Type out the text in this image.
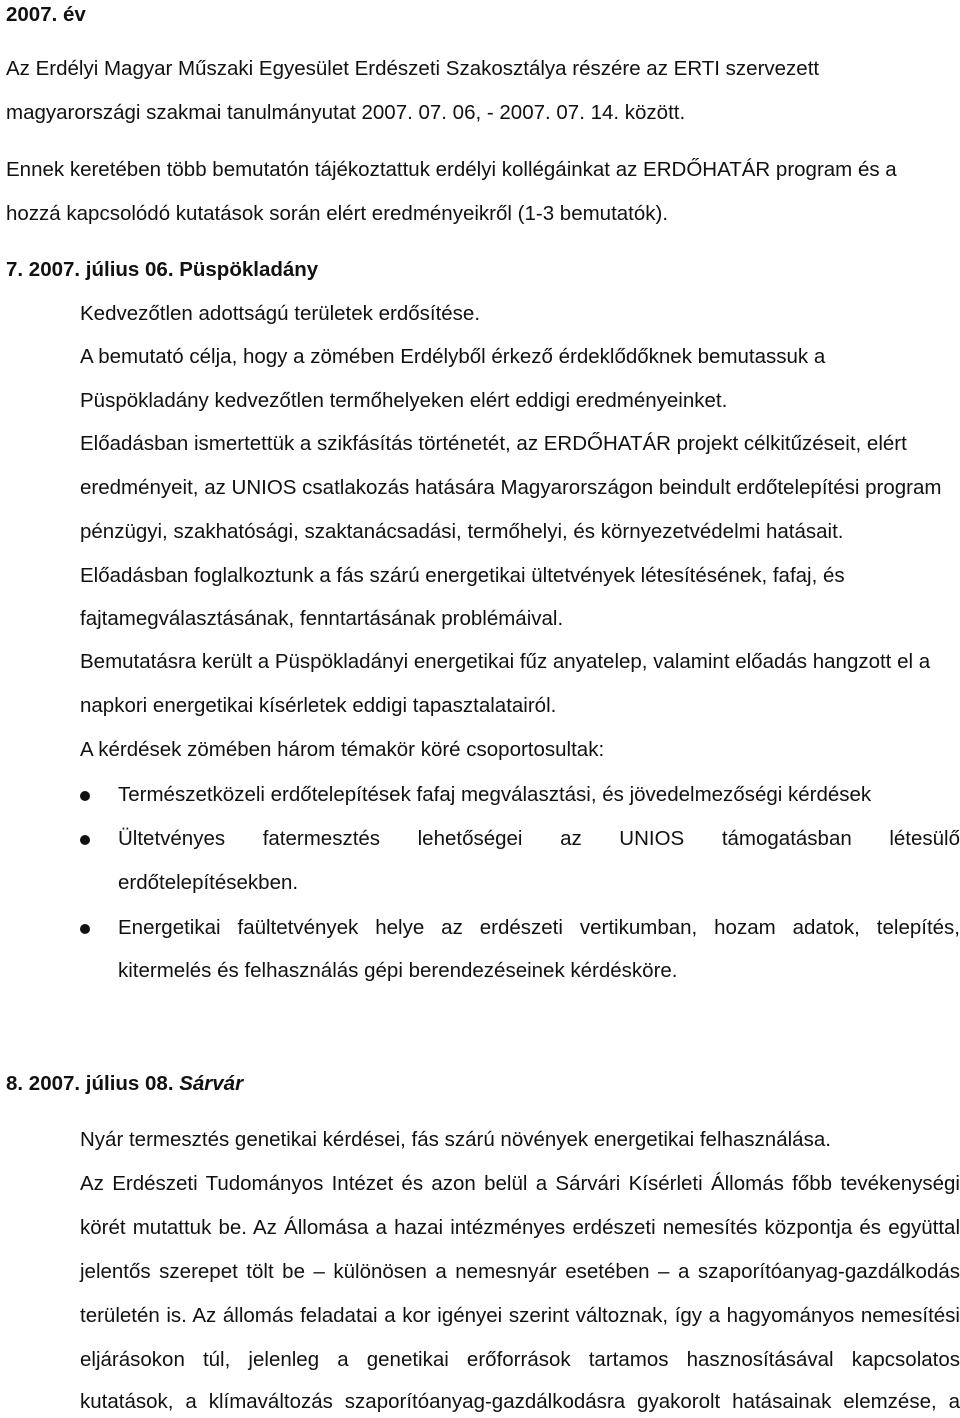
2007. év
Az Erdélyi Magyar Műszaki Egyesület Erdészeti Szakosztálya részére az ERTI szervezett
magyarországi szakmai tanulmányutat 2007. 07. 06, - 2007. 07. 14. között.
Ennek keretében több bemutatón tájékoztattuk erdélyi kollégáinkat az ERDŐHATÁR program és a
hozzá kapcsolódó kutatások során elért eredményeikről (1-3 bemutatók).
7. 2007. július 06. Püspökladány
Kedvezőtlen adottságú területek erdősítése.
A bemutató célja, hogy a zömében Erdélyből érkező érdeklődőknek bemutassuk a
Püspökladány kedvezőtlen termőhelyeken elért eddigi eredményeinket.
Előadásban ismertettük a szikfásítás történetét, az ERDŐHATÁR projekt célkitűzéseit, elért
eredményeit, az UNIOS csatlakozás hatására Magyarországon beindult erdőtelepítési program
pénzügyi, szakhatósági, szaktanácsadási, termőhelyi, és környezetvédelmi hatásait.
Előadásban foglalkoztunk a fás szárú energetikai ültetvények létesítésének, fafaj, és
fajtamegválasztásának, fenntartásának problémáival.
Bemutatásra került a Püspökladányi energetikai fűz anyatelep, valamint előadás hangzott el a
napkori energetikai kísérletek eddigi tapasztalatairól.
A kérdések zömében három témakör köré csoportosultak:
Természetközeli erdőtelepítések fafaj megválasztási, és jövedelmezőségi kérdések
Ültetvényes fatermesztés lehetőségei az UNIOS támogatásban létesülő
erdőtelepítésekben.
Energetikai faültetvények helye az erdészeti vertikumban, hozam adatok, telepítés,
kitermelés és felhasználás gépi berendezéseinek kérdésköre.
8. 2007. július 08. Sárvár
Nyár termesztés genetikai kérdései, fás szárú növények energetikai felhasználása.
Az Erdészeti Tudományos Intézet és azon belül a Sárvári Kísérleti Állomás főbb tevékenységi
körét mutattuk be. Az Állomása a hazai intézményes erdészeti nemesítés központja és együttal
jelentős szerepet tölt be – különösen a nemesnyár esetében – a szaporítóanyag-gazdálkodás
területén is. Az állomás feladatai a kor igényei szerint változnak, így a hagyományos nemesítési
eljárásokon túl, jelenleg a genetikai erőforrások tartamos hasznosításával kapcsolatos
kutatások, a klímaváltozás szaporítóanyag-gazdálkodásra gyakorolt hatásainak elemzése, a
